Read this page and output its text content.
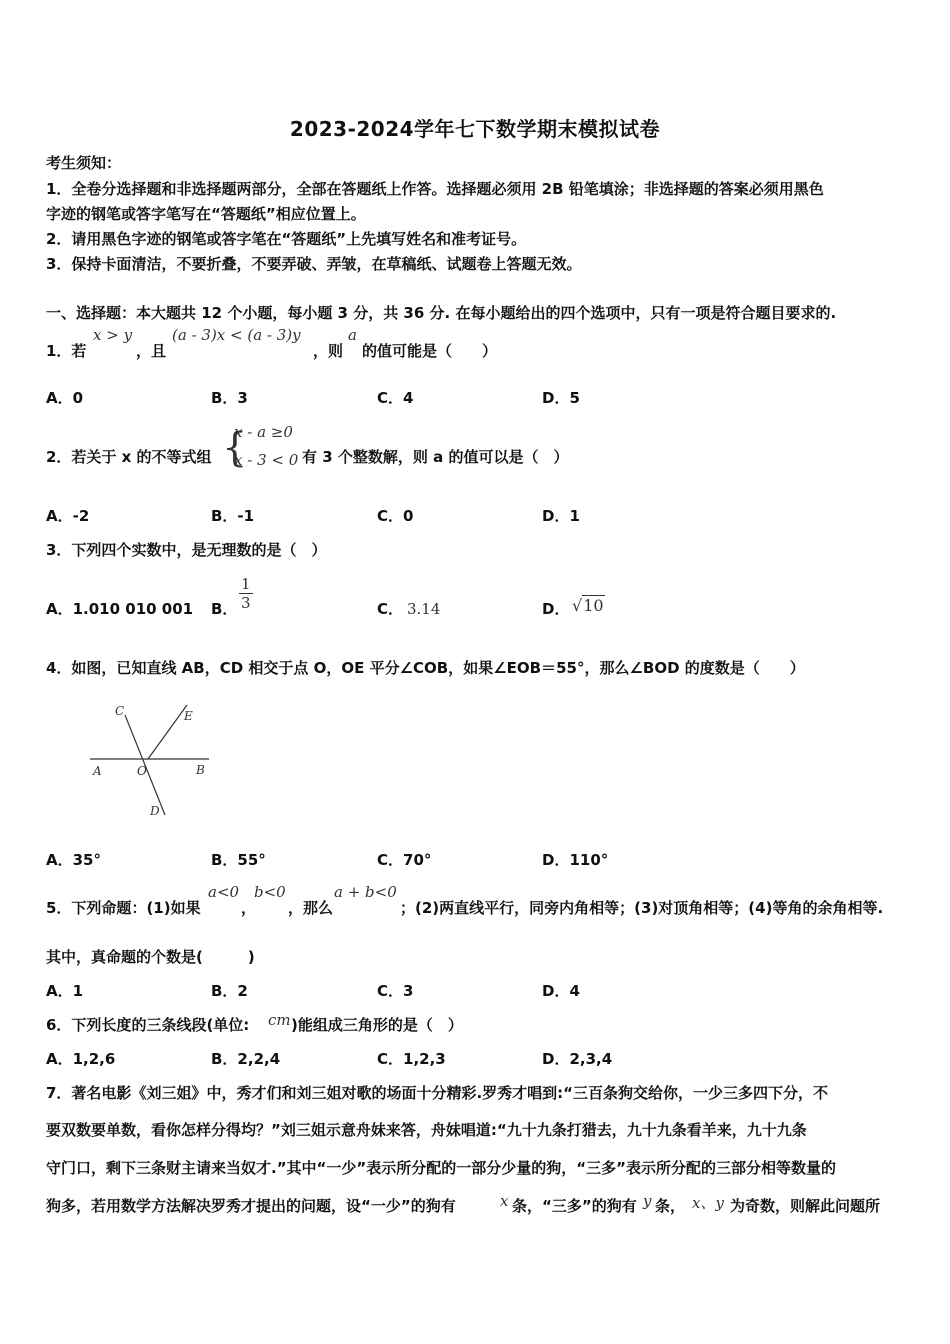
2023-2024学年七下数学期末模拟试卷
考生须知：
1．全卷分选择题和非选择题两部分，全部在答题纸上作答。选择题必须用 2B 铅笔填涂；非选择题的答案必须用黑色
字迹的钢笔或答字笔写在“答题纸”相应位置上。
2．请用黑色字迹的钢笔或答字笔在“答题纸”上先填写姓名和准考证号。
3．保持卡面清洁，不要折叠，不要弄破、弄皱，在草稿纸、试题卷上答题无效。
一、选择题：本大题共 12 个小题，每小题 3 分，共 36 分. 在每小题给出的四个选项中，只有一项是符合题目要求的.
1．若
x > y
，且
(a - 3)x < (a - 3)y
，则
a
的值可能是（　　）
A．0	B．3	C．4	D．5
2．若关于 x 的不等式组 {
x - a ≥0
x - 3 < 0 有 3 个整数解，则 a 的值可以是（　）
A．-2	B．-1	C．0	D．1
3．下列四个实数中，是无理数的是（　）
A．1.010 010 001 B． $\frac{1}{3}$	C． 3.14	D． √10
4．如图，已知直线 AB，CD 相交于点 O，OE 平分∠COB，如果∠EOB＝55°，那么∠BOD 的度数是（　　）
C	E
A	O	B
D
A．35°	B．55°	C．70°	D．110°
5．下列命题：(1)如果
a<0
，
b<0
，那么
a + b<0
；(2)两直线平行，同旁内角相等；(3)对顶角相等；(4)等角的余角相等.
其中，真命题的个数是(　　　)
A．1	B．2	C．3	D．4
6．下列长度的三条线段(单位: cm )能组成三角形的是（　）
A．1,2,6	B．2,2,4	C．1,2,3	D．2,3,4
7．著名电影《刘三姐》中，秀才们和刘三姐对歌的场面十分精彩.罗秀才唱到:“三百条狗交给你，一少三多四下分，不
要双数要单数，看你怎样分得均？”刘三姐示意舟妹来答，舟妹唱道:“九十九条打猎去，九十九条看羊来，九十九条
守门口，剩下三条财主请来当奴才.”其中“一少”表示所分配的一部分少量的狗，“三多”表示所分配的三部分相等数量的
狗多，若用数学方法解决罗秀才提出的问题，设“一少”的狗有	x 条，“三多”的狗有 y 条， x、y 为奇数，则解此问题所
